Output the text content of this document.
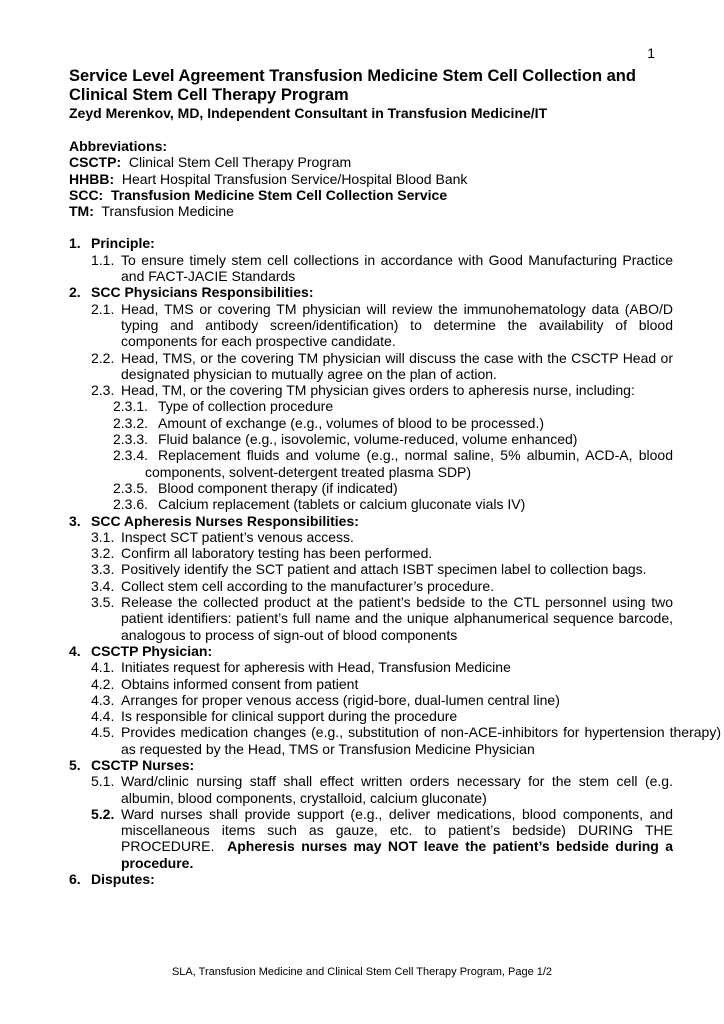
1
Service Level Agreement Transfusion Medicine Stem Cell Collection and Clinical Stem Cell Therapy Program
Zeyd Merenkov, MD, Independent Consultant in Transfusion Medicine/IT
Abbreviations:
CSCTP: Clinical Stem Cell Therapy Program
HHBB: Heart Hospital Transfusion Service/Hospital Blood Bank
SCC: Transfusion Medicine Stem Cell Collection Service
TM: Transfusion Medicine
1. Principle:
1.1. To ensure timely stem cell collections in accordance with Good Manufacturing Practice and FACT-JACIE Standards
2. SCC Physicians Responsibilities:
2.1. Head, TMS or covering TM physician will review the immunohematology data (ABO/D typing and antibody screen/identification) to determine the availability of blood components for each prospective candidate.
2.2. Head, TMS, or the covering TM physician will discuss the case with the CSCTP Head or designated physician to mutually agree on the plan of action.
2.3. Head, TM, or the covering TM physician gives orders to apheresis nurse, including:
2.3.1. Type of collection procedure
2.3.2. Amount of exchange (e.g., volumes of blood to be processed.)
2.3.3. Fluid balance (e.g., isovolemic, volume-reduced, volume enhanced)
2.3.4. Replacement fluids and volume (e.g., normal saline, 5% albumin, ACD-A, blood components, solvent-detergent treated plasma SDP)
2.3.5. Blood component therapy (if indicated)
2.3.6. Calcium replacement (tablets or calcium gluconate vials IV)
3. SCC Apheresis Nurses Responsibilities:
3.1. Inspect SCT patient’s venous access.
3.2. Confirm all laboratory testing has been performed.
3.3. Positively identify the SCT patient and attach ISBT specimen label to collection bags.
3.4. Collect stem cell according to the manufacturer’s procedure.
3.5. Release the collected product at the patient’s bedside to the CTL personnel using two patient identifiers: patient’s full name and the unique alphanumerical sequence barcode, analogous to process of sign-out of blood components
4. CSCTP Physician:
4.1. Initiates request for apheresis with Head, Transfusion Medicine
4.2. Obtains informed consent from patient
4.3. Arranges for proper venous access (rigid-bore, dual-lumen central line)
4.4. Is responsible for clinical support during the procedure
4.5. Provides medication changes (e.g., substitution of non-ACE-inhibitors for hypertension therapy) as requested by the Head, TMS or Transfusion Medicine Physician
5. CSCTP Nurses:
5.1. Ward/clinic nursing staff shall effect written orders necessary for the stem cell (e.g. albumin, blood components, crystalloid, calcium gluconate)
5.2. Ward nurses shall provide support (e.g., deliver medications, blood components, and miscellaneous items such as gauze, etc. to patient’s bedside) DURING THE PROCEDURE. Apheresis nurses may NOT leave the patient’s bedside during a procedure.
6. Disputes:
SLA, Transfusion Medicine and Clinical Stem Cell Therapy Program, Page 1/2
